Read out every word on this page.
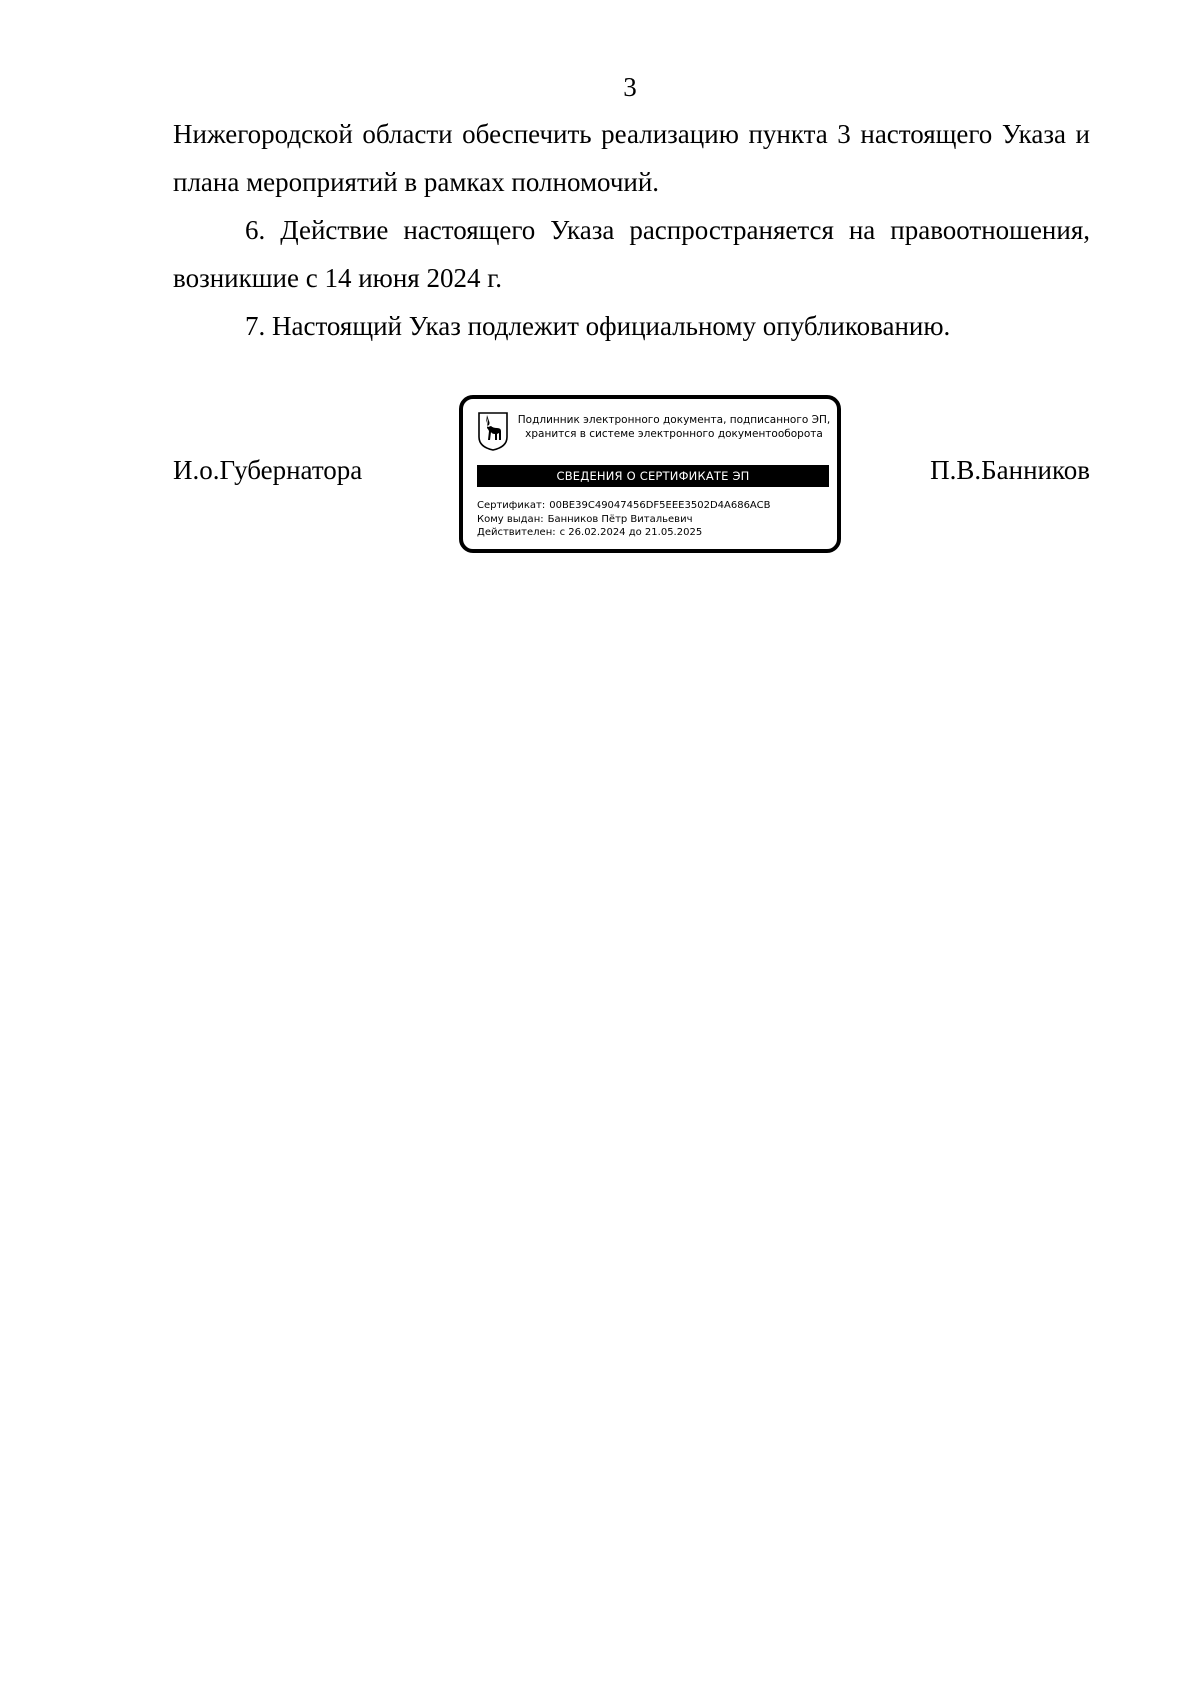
3

Нижегородской области обеспечить реализацию пункта 3 настоящего Указа и плана мероприятий в рамках полномочий.

6. Действие настоящего Указа распространяется на правоотношения, возникшие с 14 июня 2024 г.

7. Настоящий Указ подлежит официальному опубликованию.

И.о.Губернатора
Подлинник электронного документа, подписанного ЭП,
хранится в системе электронного документооборота
СВЕДЕНИЯ О СЕРТИФИКАТЕ ЭП
Сертификат: 00BE39C49047456DF5EEE3502D4A686ACB
Кому выдан: Банников Пётр Витальевич
Действителен: с 26.02.2024 до 21.05.2025
П.В.Банников
